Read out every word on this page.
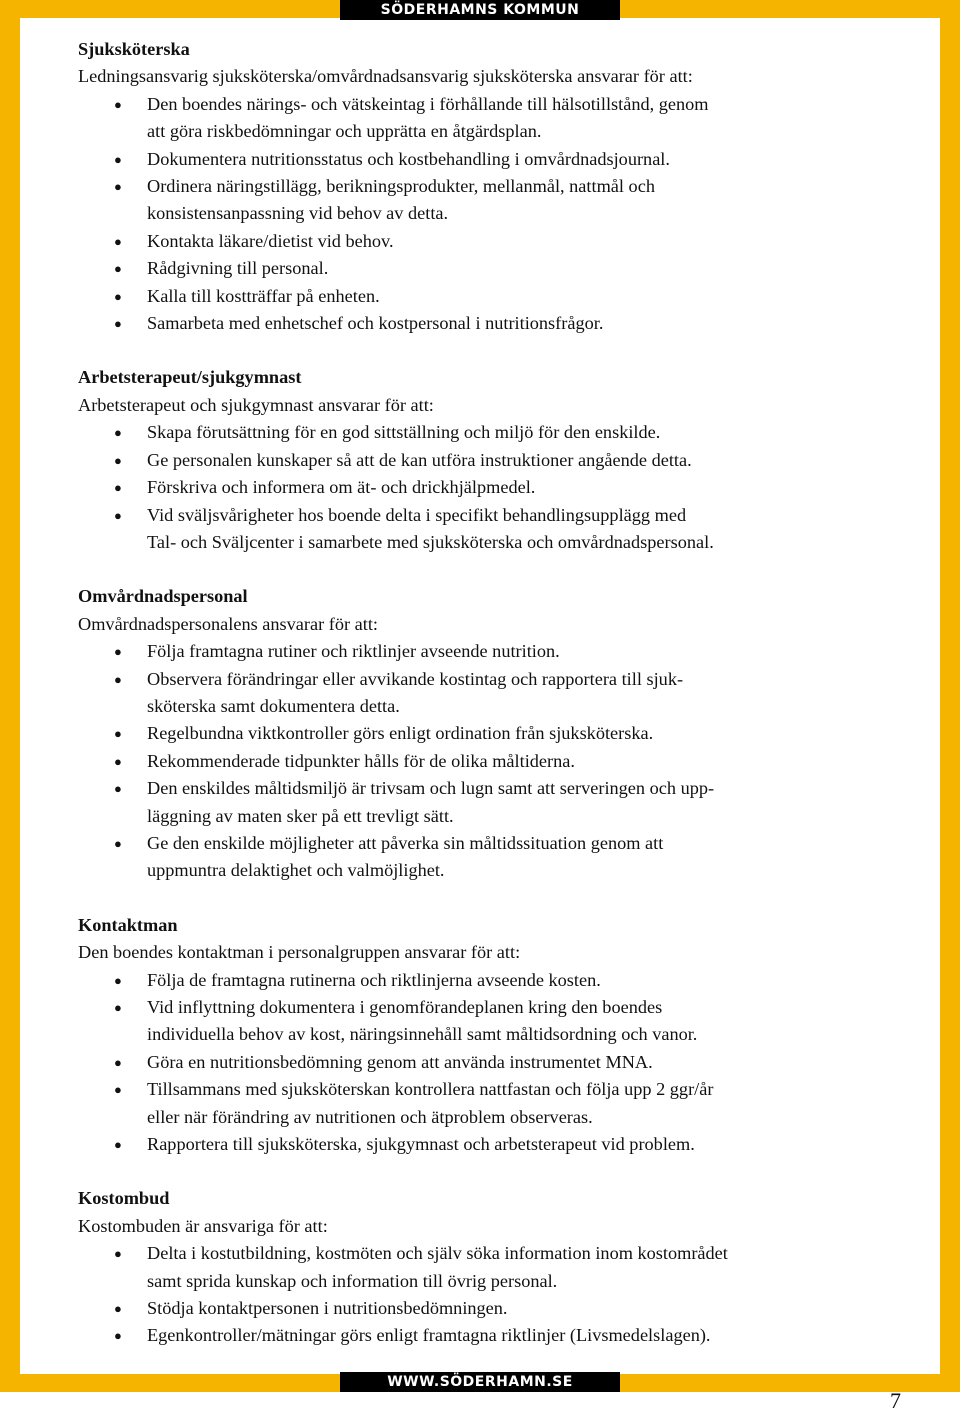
SÖDERHAMNS KOMMUN
WWW.SÖDERHAMN.SE
7
Sjuksköterska
Ledningsansvarig sjuksköterska/omvårdnadsansvarig sjuksköterska ansvarar för att:
● Den boendes närings- och vätskeintag i förhållande till hälsotillstånd, genom
att göra riskbedömningar och upprätta en åtgärdsplan.
● Dokumentera nutritionsstatus och kostbehandling i omvårdnadsjournal.
● Ordinera näringstillägg, berikningsprodukter, mellanmål, nattmål och
konsistensanpassning vid behov av detta.
● Kontakta läkare/dietist vid behov.
● Rådgivning till personal.
● Kalla till kostträffar på enheten.
● Samarbeta med enhetschef och kostpersonal i nutritionsfrågor.
Arbetsterapeut/sjukgymnast
Arbetsterapeut och sjukgymnast ansvarar för att:
● Skapa förutsättning för en god sittställning och miljö för den enskilde.
● Ge personalen kunskaper så att de kan utföra instruktioner angående detta.
● Förskriva och informera om ät- och drickhjälpmedel.
● Vid sväljsvårigheter hos boende delta i specifikt behandlingsupplägg med
Tal- och Sväljcenter i samarbete med sjuksköterska och omvårdnadspersonal.
Omvårdnadspersonal
Omvårdnadspersonalens ansvarar för att:
● Följa framtagna rutiner och riktlinjer avseende nutrition.
● Observera förändringar eller avvikande kostintag och rapportera till sjuk-
sköterska samt dokumentera detta.
● Regelbundna viktkontroller görs enligt ordination från sjuksköterska.
● Rekommenderade tidpunkter hålls för de olika måltiderna.
● Den enskildes måltidsmiljö är trivsam och lugn samt att serveringen och upp-
läggning av maten sker på ett trevligt sätt.
● Ge den enskilde möjligheter att påverka sin måltidssituation genom att
uppmuntra delaktighet och valmöjlighet.
Kontaktman
Den boendes kontaktman i personalgruppen ansvarar för att:
● Följa de framtagna rutinerna och riktlinjerna avseende kosten.
● Vid inflyttning dokumentera i genomförandeplanen kring den boendes
individuella behov av kost, näringsinnehåll samt måltidsordning och vanor.
● Göra en nutritionsbedömning genom att använda instrumentet MNA.
● Tillsammans med sjuksköterskan kontrollera nattfastan och följa upp 2 ggr/år
eller när förändring av nutritionen och ätproblem observeras.
● Rapportera till sjuksköterska, sjukgymnast och arbetsterapeut vid problem.
Kostombud
Kostombuden är ansvariga för att:
● Delta i kostutbildning, kostmöten och själv söka information inom kostområdet
samt sprida kunskap och information till övrig personal.
● Stödja kontaktpersonen i nutritionsbedömningen.
● Egenkontroller/mätningar görs enligt framtagna riktlinjer (Livsmedelslagen).
